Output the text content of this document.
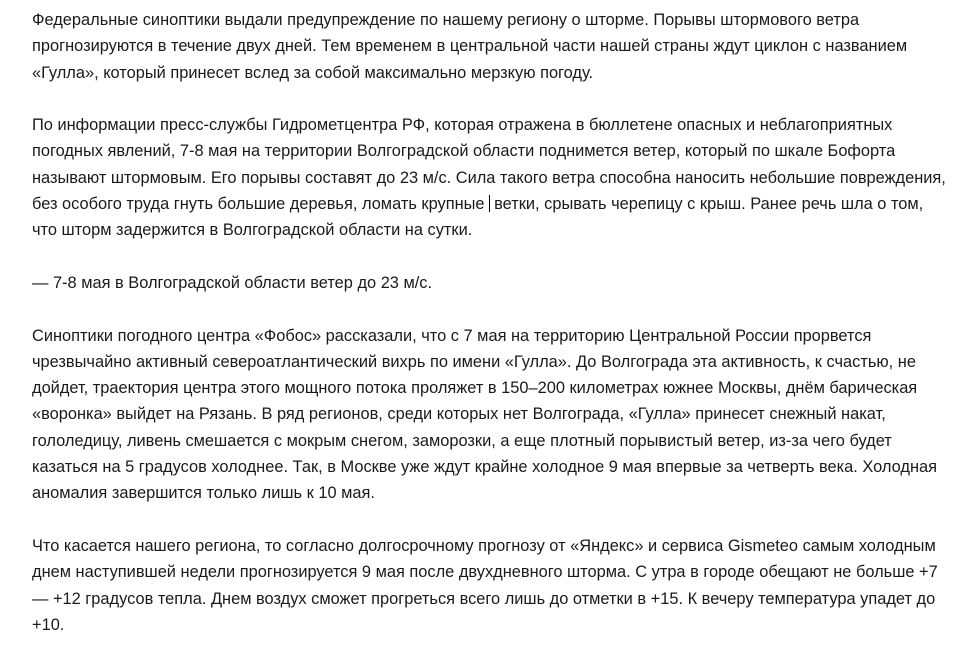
Федеральные синоптики выдали предупреждение по нашему региону о шторме. Порывы штормового ветра прогнозируются в течение двух дней. Тем временем в центральной части нашей страны ждут циклон с названием «Гулла», который принесет вслед за собой максимально мерзкую погоду.

По информации пресс-службы Гидрометцентра РФ, которая отражена в бюллетене опасных и неблагоприятных погодных явлений, 7-8 мая на территории Волгоградской области поднимется ветер, который по шкале Бофорта называют штормовым. Его порывы составят до 23 м/с. Сила такого ветра способна наносить небольшие повреждения, без особого труда гнуть большие деревья, ломать крупные ветки, срывать черепицу с крыш. Ранее речь шла о том, что шторм задержится в Волгоградской области на сутки.

— 7-8 мая в Волгоградской области ветер до 23 м/с.

Синоптики погодного центра «Фобос» рассказали, что с 7 мая на территорию Центральной России прорвется чрезвычайно активный североатлантический вихрь по имени «Гулла». До Волгограда эта активность, к счастью, не дойдет, траектория центра этого мощного потока проляжет в 150–200 километрах южнее Москвы, днём барическая «воронка» выйдет на Рязань. В ряд регионов, среди которых нет Волгограда, «Гулла» принесет снежный накат, гололедицу, ливень смешается с мокрым снегом, заморозки, а еще плотный порывистый ветер, из-за чего будет казаться на 5 градусов холоднее. Так, в Москве уже ждут крайне холодное 9 мая впервые за четверть века. Холодная аномалия завершится только лишь к 10 мая.

Что касается нашего региона, то согласно долгосрочному прогнозу от «Яндекс» и сервиса Gismeteo самым холодным днем наступившей недели прогнозируется 9 мая после двухдневного шторма. С утра в городе обещают не больше +7 — +12 градусов тепла. Днем воздух сможет прогреться всего лишь до отметки в +15. К вечеру температура упадет до +10.
